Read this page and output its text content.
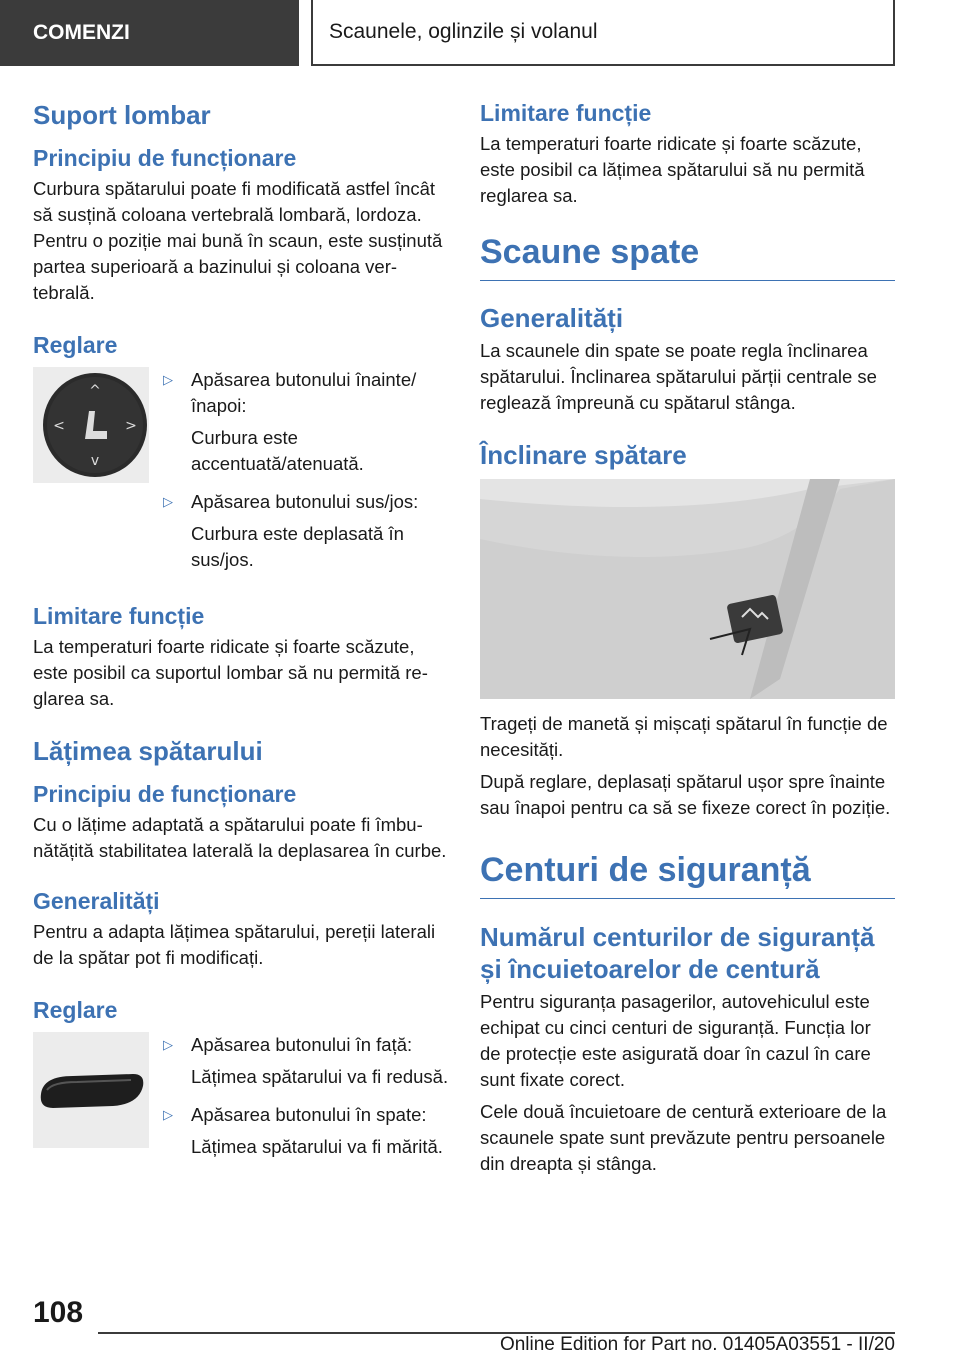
COMENZI	Scaunele, oglinzile și volanul
Suport lombar
Principiu de funcționare

Curbura spătarului poate fi modificată astfel încât să susțină coloana vertebrală lombară, lordoza. Pentru o poziție mai bună în scaun, este susținută partea superioară a bazinului și coloana vertebrală.

Reglare
^
v
<	>
▷ Apăsarea butonului înainte/înapoi:

Curbura este accentuată/atenuată.

▷ Apăsarea butonului sus/jos:

Curbura este deplasată în sus/jos.

Limitare funcție

La temperaturi foarte ridicate și foarte scăzute, este posibil ca suportul lombar să nu permită reglarea sa.

Lățimea spătarului
Principiu de funcționare

Cu o lățime adaptată a spătarului poate fi îmbunătățită stabilitatea laterală la deplasarea în curbe.

Generalități

Pentru a adapta lățimea spătarului, pereții laterali de la spătar pot fi modificați.

Reglare
▷ Apăsarea butonului în față:

Lățimea spătarului va fi redusă.

▷ Apăsarea butonului în spate:

Lățimea spătarului va fi mărită.

Limitare funcție

La temperaturi foarte ridicate și foarte scăzute, este posibil ca lățimea spătarului să nu permită reglarea sa.

Scaune spate
Generalități

La scaunele din spate se poate regla înclinarea spătarului. Înclinarea spătarului părții centrale se reglează împreună cu spătarul stânga.

Înclinare spătare

Trageți de manetă și mișcați spătarul în funcție de necesități.

După reglare, deplasați spătarul ușor spre înainte sau înapoi pentru ca să se fixeze corect în poziție.

Centuri de siguranță
Numărul centurilor de siguranță și încuietoarelor de centură

Pentru siguranța pasagerilor, autovehiculul este echipat cu cinci centuri de siguranță. Funcția lor de protecție este asigurată doar în cazul în care sunt fixate corect.

Cele două încuietoare de centură exterioare de la scaunele spate sunt prevăzute pentru persoanele din dreapta și stânga.

108
Online Edition for Part no. 01405A03551 - II/20
